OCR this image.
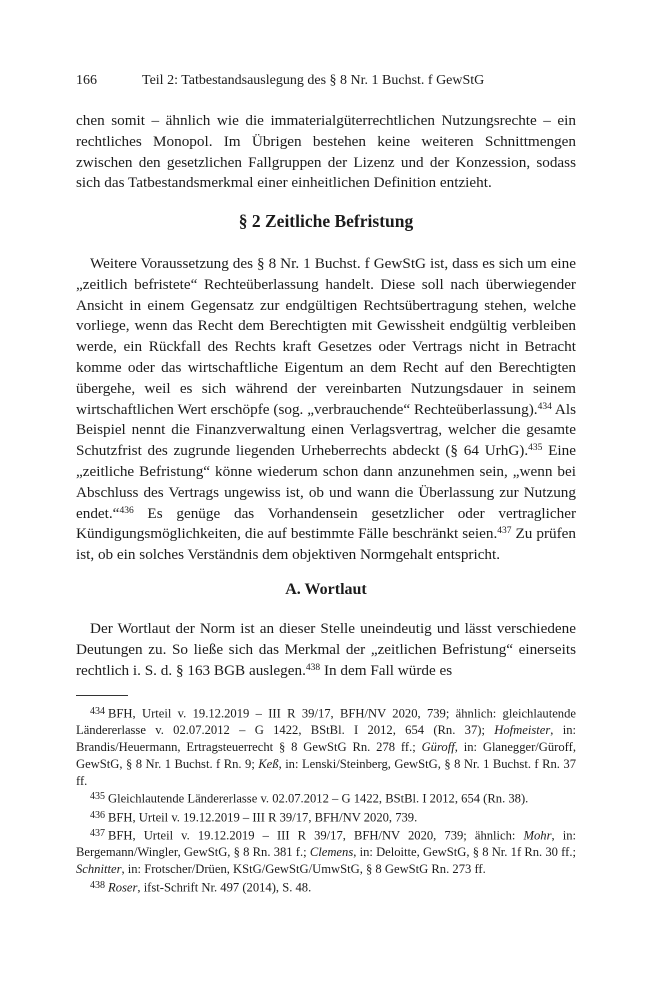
166	Teil 2: Tatbestandsauslegung des § 8 Nr. 1 Buchst. f GewStG

chen somit – ähnlich wie die immaterialgüterrechtlichen Nutzungsrechte – ein rechtliches Monopol. Im Übrigen bestehen keine weiteren Schnittmengen zwischen den gesetzlichen Fallgruppen der Lizenz und der Konzession, sodass sich das Tatbestandsmerkmal einer einheitlichen Definition entzieht.

§ 2 Zeitliche Befristung

Weitere Voraussetzung des § 8 Nr. 1 Buchst. f GewStG ist, dass es sich um eine „zeitlich befristete“ Rechteüberlassung handelt. Diese soll nach überwiegender Ansicht in einem Gegensatz zur endgültigen Rechtsübertragung stehen, welche vorliege, wenn das Recht dem Berechtigten mit Gewissheit endgültig verbleiben werde, ein Rückfall des Rechts kraft Gesetzes oder Vertrags nicht in Betracht komme oder das wirtschaftliche Eigentum an dem Recht auf den Berechtigten übergehe, weil es sich während der vereinbarten Nutzungsdauer in seinem wirtschaftlichen Wert erschöpfe (sog. „verbrauchende“ Rechteüberlassung).$^{434}$ Als Beispiel nennt die Finanzverwaltung einen Verlagsvertrag, welcher die gesamte Schutzfrist des zugrunde liegenden Urheberrechts abdeckt (§ 64 UrhG).$^{435}$ Eine „zeitliche Befristung“ könne wiederum schon dann anzunehmen sein, „wenn bei Abschluss des Vertrags ungewiss ist, ob und wann die Überlassung zur Nutzung endet.“$^{436}$ Es genüge das Vorhandensein gesetzlicher oder vertraglicher Kündigungsmöglichkeiten, die auf bestimmte Fälle beschränkt seien.$^{437}$ Zu prüfen ist, ob ein solches Verständnis dem objektiven Normgehalt entspricht.

A. Wortlaut

Der Wortlaut der Norm ist an dieser Stelle uneindeutig und lässt verschiedene Deutungen zu. So ließe sich das Merkmal der „zeitlichen Befristung“ einerseits rechtlich i. S. d. § 163 BGB auslegen.$^{438}$ In dem Fall würde es

$^{434}$ BFH, Urteil v. 19.12.2019 – III R 39/17, BFH/NV 2020, 739; ähnlich: gleichlautende Ländererlasse v. 02.07.2012 – G 1422, BStBl. I 2012, 654 (Rn. 37); Hofmeister, in: Brandis/Heuermann, Ertragsteuerrecht § 8 GewStG Rn. 278 ff.; Güroff, in: Glanegger/Güroff, GewStG, § 8 Nr. 1 Buchst. f Rn. 9; Keß, in: Lenski/Steinberg, GewStG, § 8 Nr. 1 Buchst. f Rn. 37 ff.

$^{435}$ Gleichlautende Ländererlasse v. 02.07.2012 – G 1422, BStBl. I 2012, 654 (Rn. 38).

$^{436}$ BFH, Urteil v. 19.12.2019 – III R 39/17, BFH/NV 2020, 739.

$^{437}$ BFH, Urteil v. 19.12.2019 – III R 39/17, BFH/NV 2020, 739; ähnlich: Mohr, in: Bergemann/Wingler, GewStG, § 8 Rn. 381 f.; Clemens, in: Deloitte, GewStG, § 8 Nr. 1f Rn. 30 ff.; Schnitter, in: Frotscher/Drüen, KStG/GewStG/UmwStG, § 8 GewStG Rn. 273 ff.

$^{438}$ Roser, ifst-Schrift Nr. 497 (2014), S. 48.
